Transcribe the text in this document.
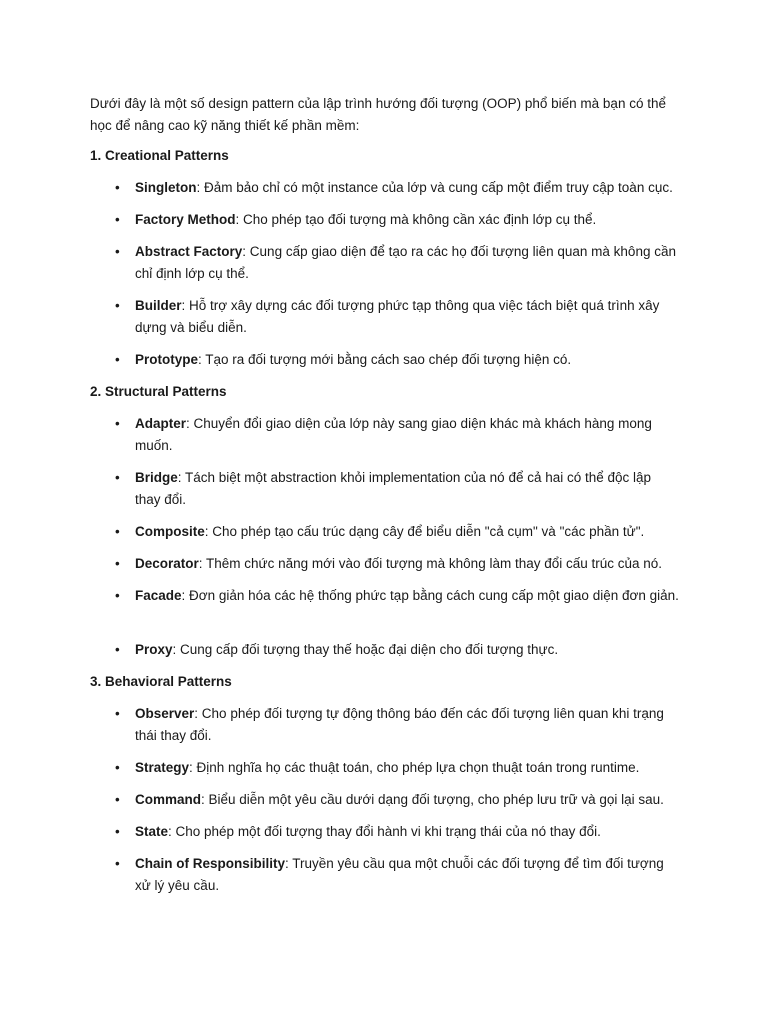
Dưới đây là một số design pattern của lập trình hướng đối tượng (OOP) phổ biến mà bạn có thể học để nâng cao kỹ năng thiết kế phần mềm:

1. Creational Patterns
• Singleton: Đảm bảo chỉ có một instance của lớp và cung cấp một điểm truy cập toàn cục.
• Factory Method: Cho phép tạo đối tượng mà không cần xác định lớp cụ thể.
• Abstract Factory: Cung cấp giao diện để tạo ra các họ đối tượng liên quan mà không cần chỉ định lớp cụ thể.
• Builder: Hỗ trợ xây dựng các đối tượng phức tạp thông qua việc tách biệt quá trình xây dựng và biểu diễn.
• Prototype: Tạo ra đối tượng mới bằng cách sao chép đối tượng hiện có.
2. Structural Patterns
• Adapter: Chuyển đổi giao diện của lớp này sang giao diện khác mà khách hàng mong muốn.
• Bridge: Tách biệt một abstraction khỏi implementation của nó để cả hai có thể độc lập thay đổi.
• Composite: Cho phép tạo cấu trúc dạng cây để biểu diễn "cả cụm" và "các phần tử".
• Decorator: Thêm chức năng mới vào đối tượng mà không làm thay đổi cấu trúc của nó.
• Facade: Đơn giản hóa các hệ thống phức tạp bằng cách cung cấp một giao diện đơn giản.
• Proxy: Cung cấp đối tượng thay thế hoặc đại diện cho đối tượng thực.
3. Behavioral Patterns
• Observer: Cho phép đối tượng tự động thông báo đến các đối tượng liên quan khi trạng thái thay đổi.
• Strategy: Định nghĩa họ các thuật toán, cho phép lựa chọn thuật toán trong runtime.
• Command: Biểu diễn một yêu cầu dưới dạng đối tượng, cho phép lưu trữ và gọi lại sau.
• State: Cho phép một đối tượng thay đổi hành vi khi trạng thái của nó thay đổi.
• Chain of Responsibility: Truyền yêu cầu qua một chuỗi các đối tượng để tìm đối tượng xử lý yêu cầu.
